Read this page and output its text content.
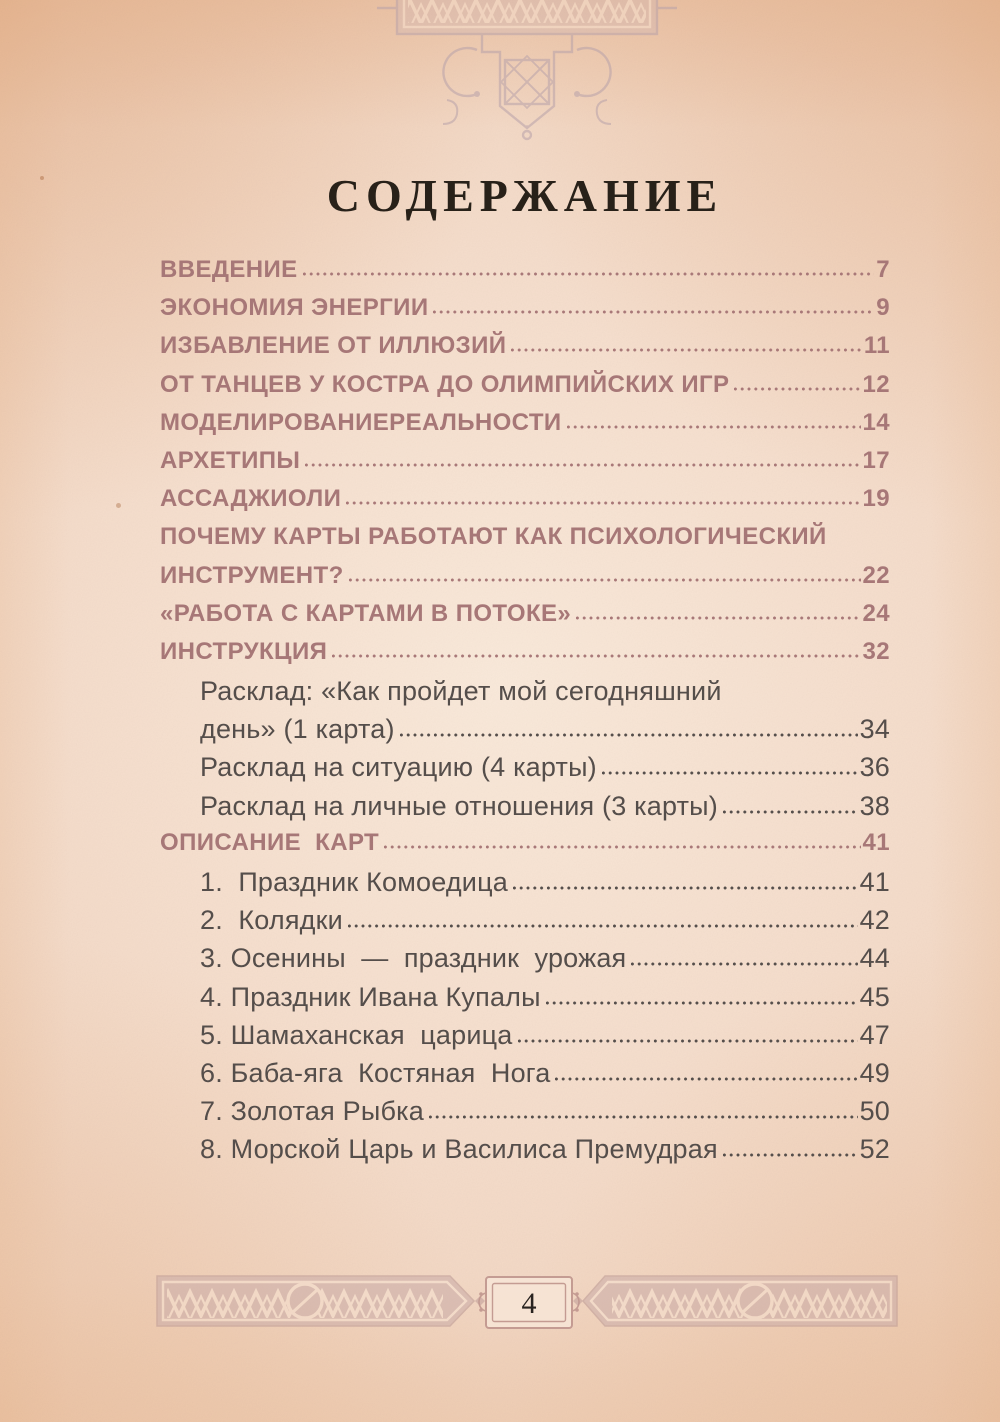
СОДЕРЖАНИЕ
ВВЕДЕНИЕ	7
ЭКОНОМИЯ ЭНЕРГИИ	9
ИЗБАВЛЕНИЕ ОТ ИЛЛЮЗИЙ	11
ОТ ТАНЦЕВ У КОСТРА ДО ОЛИМПИЙСКИХ ИГР	12
МОДЕЛИРОВАНИЕРЕАЛЬНОСТИ	14
АРХЕТИПЫ	17
АССАДЖИОЛИ	19
ПОЧЕМУ КАРТЫ РАБОТАЮТ КАК ПСИХОЛОГИЧЕСКИЙ
ИНСТРУМЕНТ?	22
«РАБОТА С КАРТАМИ В ПОТОКЕ»	24
ИНСТРУКЦИЯ	32
Расклад: «Как пройдет мой сегодняшний
день» (1 карта)	34
Расклад на ситуацию (4 карты)	36
Расклад на личные отношения (3 карты)	38
ОПИСАНИЕ  КАРТ	41
1.  Праздник Комоедица	41
2.  Колядки	42
3. Осенины  —  праздник  урожая	44
4. Праздник Ивана Купалы	45
5. Шамаханская  царица	47
6. Баба-яга  Костяная  Нога	49
7. Золотая Рыбка	50
8. Морской Царь и Василиса Премудрая	52
4
